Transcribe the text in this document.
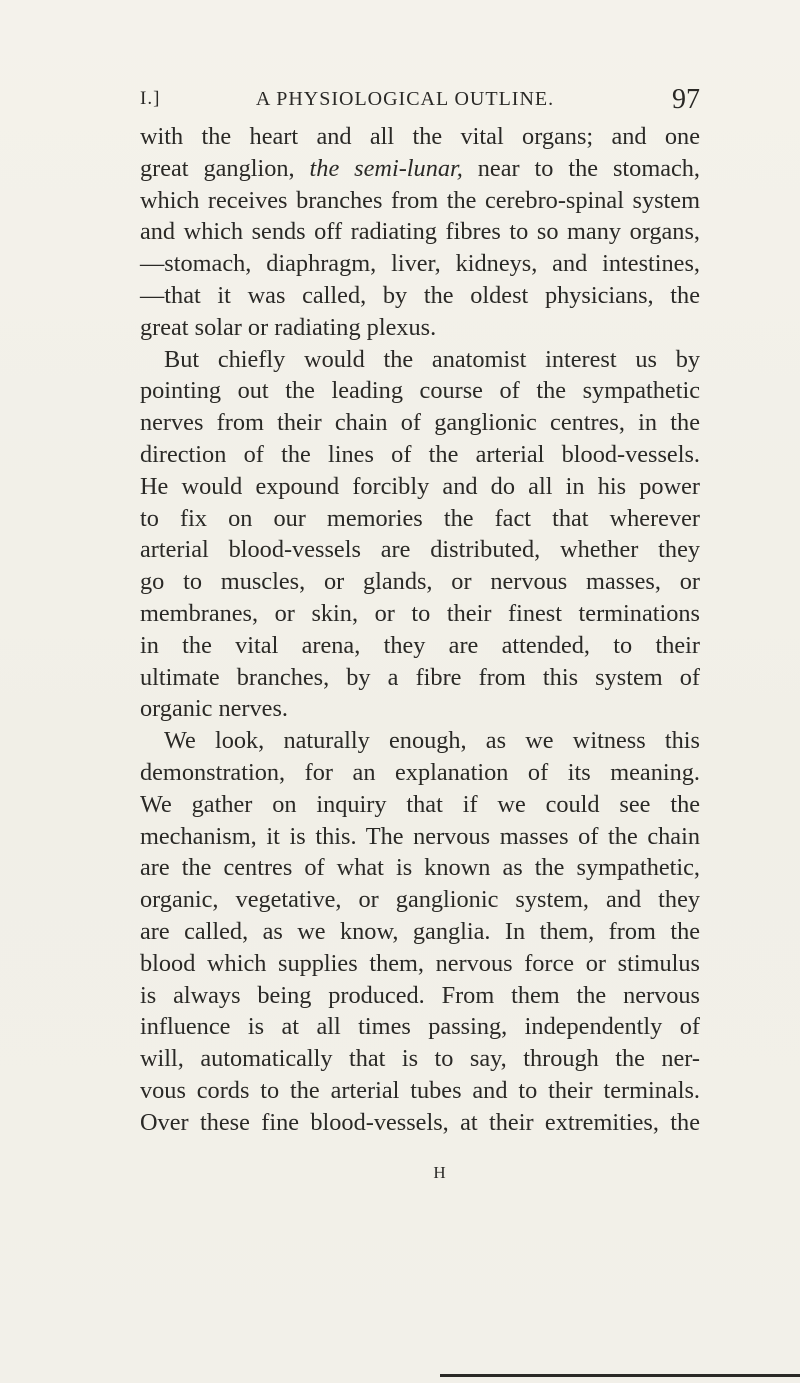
I.]	A PHYSIOLOGICAL OUTLINE.	97
with the heart and all the vital organs; and one
great ganglion, the semi-lunar, near to the stomach,
which receives branches from the cerebro-spinal system
and which sends off radiating fibres to so many organs,
—stomach, diaphragm, liver, kidneys, and intestines,
—that it was called, by the oldest physicians, the
great solar or radiating plexus.
But chiefly would the anatomist interest us by
pointing out the leading course of the sympathetic
nerves from their chain of ganglionic centres, in the
direction of the lines of the arterial blood-vessels.
He would expound forcibly and do all in his power
to fix on our memories the fact that wherever
arterial blood-vessels are distributed, whether they
go to muscles, or glands, or nervous masses, or
membranes, or skin, or to their finest terminations
in the vital arena, they are attended, to their
ultimate branches, by a fibre from this system of
organic nerves.
We look, naturally enough, as we witness this
demonstration, for an explanation of its meaning.
We gather on inquiry that if we could see the
mechanism, it is this. The nervous masses of the chain
are the centres of what is known as the sympathetic,
organic, vegetative, or ganglionic system, and they
are called, as we know, ganglia. In them, from the
blood which supplies them, nervous force or stimulus
is always being produced. From them the nervous
influence is at all times passing, independently of
will, automatically that is to say, through the ner-
vous cords to the arterial tubes and to their terminals.
Over these fine blood-vessels, at their extremities, the
H
